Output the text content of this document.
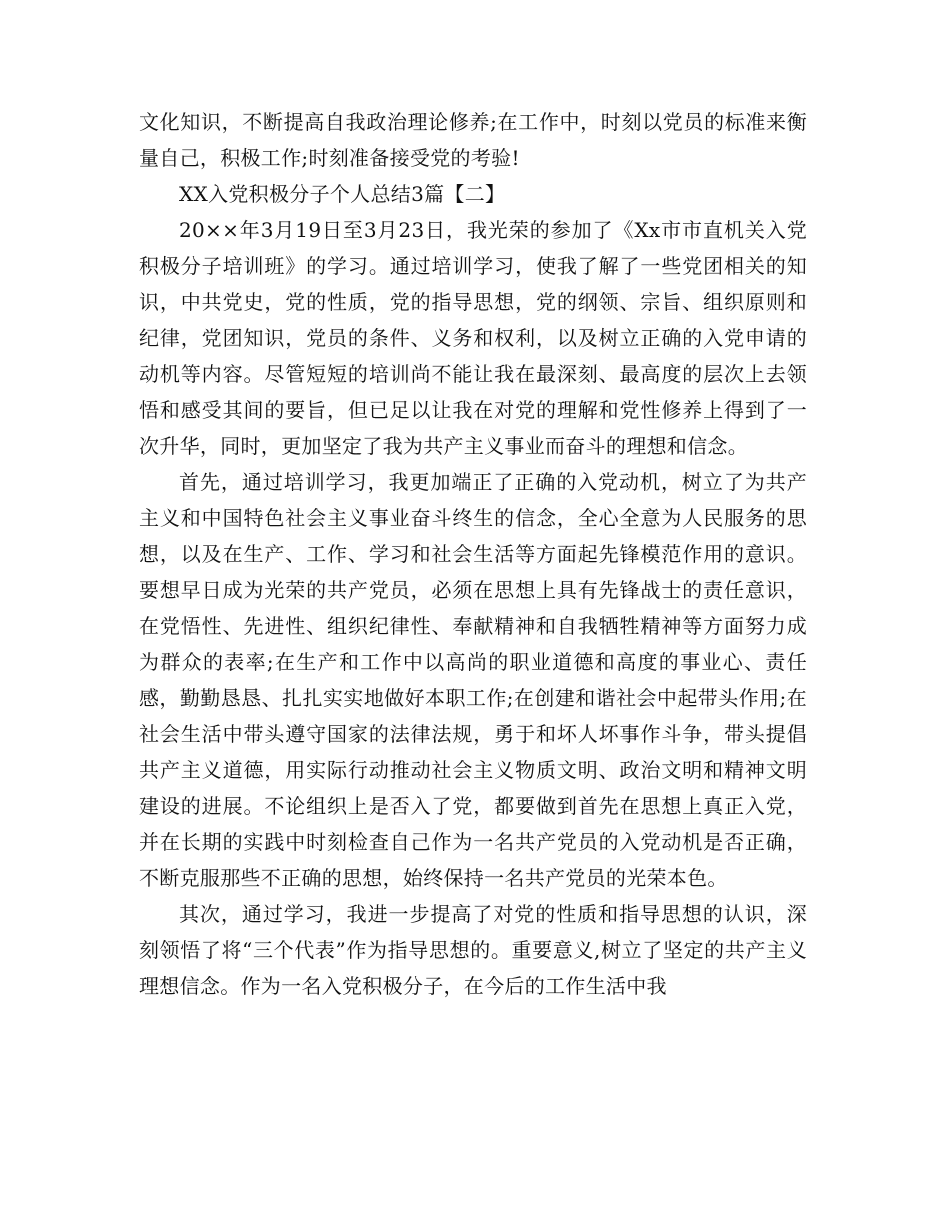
文化知识，不断提高自我政治理论修养;在工作中，时刻以党员的标准来衡量自己，积极工作;时刻准备接受党的考验!

XX入党积极分子个人总结3篇【二】

20××年3月19日至3月23日，我光荣的参加了《Xx市市直机关入党积极分子培训班》的学习。通过培训学习，使我了解了一些党团相关的知识，中共党史，党的性质，党的指导思想，党的纲领、宗旨、组织原则和纪律，党团知识，党员的条件、义务和权利，以及树立正确的入党申请的动机等内容。尽管短短的培训尚不能让我在最深刻、最高度的层次上去领悟和感受其间的要旨，但已足以让我在对党的理解和党性修养上得到了一次升华，同时，更加坚定了我为共产主义事业而奋斗的理想和信念。

首先，通过培训学习，我更加端正了正确的入党动机，树立了为共产主义和中国特色社会主义事业奋斗终生的信念，全心全意为人民服务的思想，以及在生产、工作、学习和社会生活等方面起先锋模范作用的意识。要想早日成为光荣的共产党员，必须在思想上具有先锋战士的责任意识，在党悟性、先进性、组织纪律性、奉献精神和自我牺牲精神等方面努力成为群众的表率;在生产和工作中以高尚的职业道德和高度的事业心、责任感，勤勤恳恳、扎扎实实地做好本职工作;在创建和谐社会中起带头作用;在社会生活中带头遵守国家的法律法规，勇于和坏人坏事作斗争，带头提倡共产主义道德，用实际行动推动社会主义物质文明、政治文明和精神文明建设的进展。不论组织上是否入了党，都要做到首先在思想上真正入党，并在长期的实践中时刻检查自己作为一名共产党员的入党动机是否正确，不断克服那些不正确的思想，始终保持一名共产党员的光荣本色。

其次，通过学习，我进一步提高了对党的性质和指导思想的认识，深刻领悟了将“三个代表”作为指导思想的。重要意义,树立了坚定的共产主义理想信念。作为一名入党积极分子，在今后的工作生活中我
